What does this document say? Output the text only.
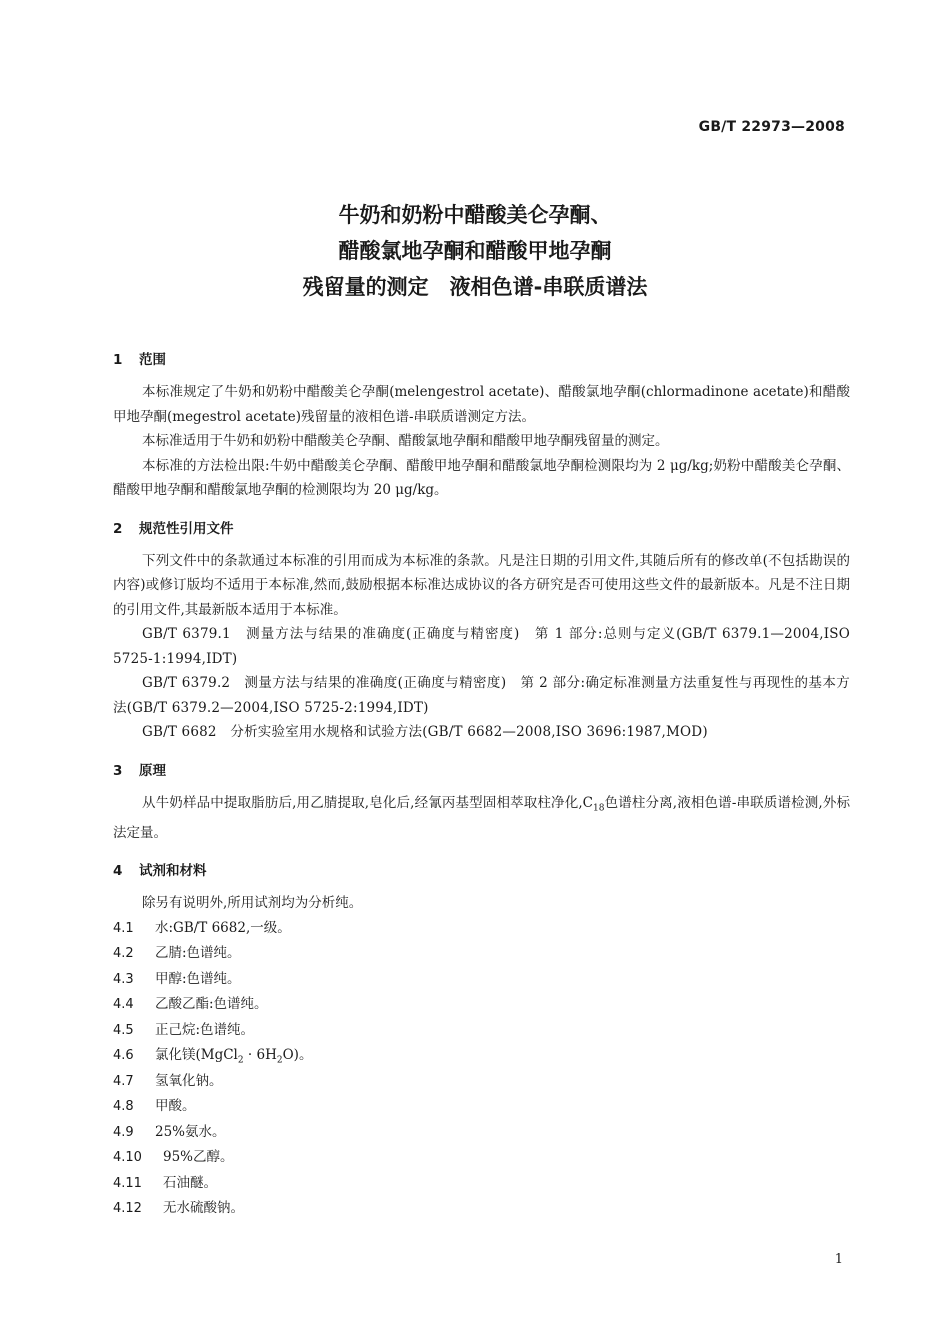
GB/T 22973—2008
牛奶和奶粉中醋酸美仑孕酮、
醋酸氯地孕酮和醋酸甲地孕酮
残留量的测定　液相色谱-串联质谱法
1 范围
本标准规定了牛奶和奶粉中醋酸美仑孕酮(melengestrol acetate)、醋酸氯地孕酮(chlormadinone acetate)和醋酸甲地孕酮(megestrol acetate)残留量的液相色谱-串联质谱测定方法。
本标准适用于牛奶和奶粉中醋酸美仑孕酮、醋酸氯地孕酮和醋酸甲地孕酮残留量的测定。
本标准的方法检出限:牛奶中醋酸美仑孕酮、醋酸甲地孕酮和醋酸氯地孕酮检测限均为 2 μg/kg;奶粉中醋酸美仑孕酮、醋酸甲地孕酮和醋酸氯地孕酮的检测限均为 20 μg/kg。
2 规范性引用文件
下列文件中的条款通过本标准的引用而成为本标准的条款。凡是注日期的引用文件,其随后所有的修改单(不包括勘误的内容)或修订版均不适用于本标准,然而,鼓励根据本标准达成协议的各方研究是否可使用这些文件的最新版本。凡是不注日期的引用文件,其最新版本适用于本标准。
GB/T 6379.1　测量方法与结果的准确度(正确度与精密度)　第 1 部分:总则与定义(GB/T 6379.1—2004,ISO 5725-1:1994,IDT)
GB/T 6379.2　测量方法与结果的准确度(正确度与精密度)　第 2 部分:确定标准测量方法重复性与再现性的基本方法(GB/T 6379.2—2004,ISO 5725-2:1994,IDT)
GB/T 6682　分析实验室用水规格和试验方法(GB/T 6682—2008,ISO 3696:1987,MOD)
3 原理
从牛奶样品中提取脂肪后,用乙腈提取,皂化后,经氰丙基型固相萃取柱净化$,C_{18}$色谱柱分离,液相色谱-串联质谱检测,外标法定量。
4 试剂和材料
除另有说明外,所用试剂均为分析纯。
4.1 水:GB/T 6682,一级。
4.2 乙腈:色谱纯。
4.3 甲醇:色谱纯。
4.4 乙酸乙酯:色谱纯。
4.5 正己烷:色谱纯。
4.6 氯化镁(MgCl$_2$ · $6H_2O$)。
4.7 氢氧化钠。
4.8 甲酸。
4.9 25%氨水。
4.10 95%乙醇。
4.11 石油醚。
4.12 无水硫酸钠。
1
